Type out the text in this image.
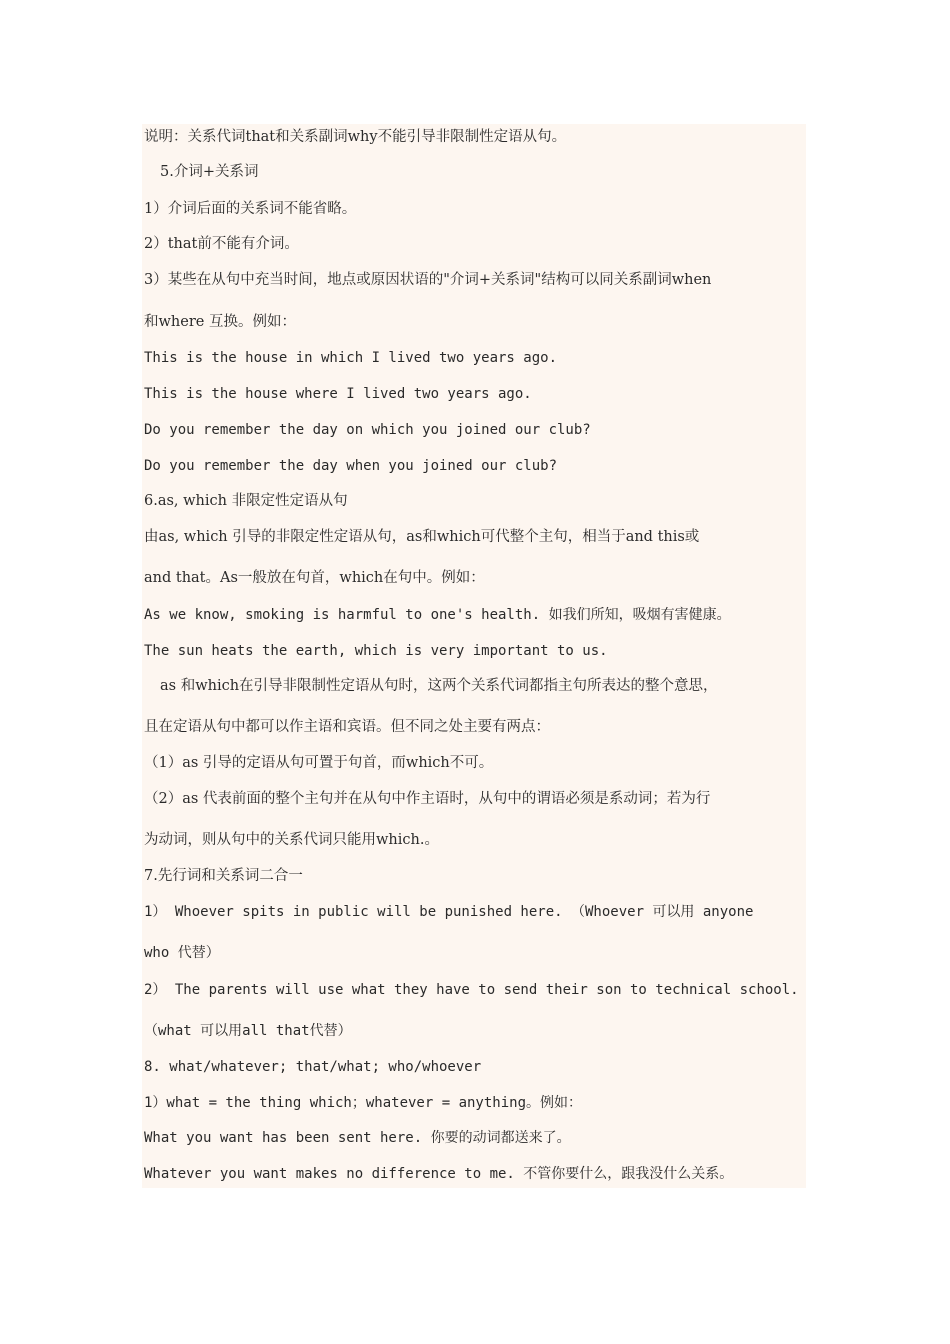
说明：关系代词that和关系副词why不能引导非限制性定语从句。
5.介词+关系词
1）介词后面的关系词不能省略。
2）that前不能有介词。
3）某些在从句中充当时间，地点或原因状语的"介词+关系词"结构可以同关系副词when
和where 互换。例如：
This is the house in which I lived two years ago.
This is the house where I lived two years ago.
Do you remember the day on which you joined our club?
Do you remember the day when you joined our club?
6.as, which 非限定性定语从句
由as, which 引导的非限定性定语从句，as和which可代整个主句，相当于and this或
and that。As一般放在句首，which在句中。例如：
As we know, smoking is harmful to one's health. 如我们所知，吸烟有害健康。
The sun heats the earth, which is very important to us.
as 和which在引导非限制性定语从句时，这两个关系代词都指主句所表达的整个意思，
且在定语从句中都可以作主语和宾语。但不同之处主要有两点：
（1）as 引导的定语从句可置于句首，而which不可。
（2）as 代表前面的整个主句并在从句中作主语时，从句中的谓语必须是系动词；若为行
为动词，则从句中的关系代词只能用which.。
7.先行词和关系词二合一
1） Whoever spits in public will be punished here. （Whoever 可以用 anyone
who 代替）
2） The parents will use what they have to send their son to technical school.
（what 可以用all that代替）
8. what/whatever; that/what; who/whoever
1）what = the thing which；whatever = anything。例如：
What you want has been sent here. 你要的动词都送来了。
Whatever you want makes no difference to me. 不管你要什么，跟我没什么关系。
